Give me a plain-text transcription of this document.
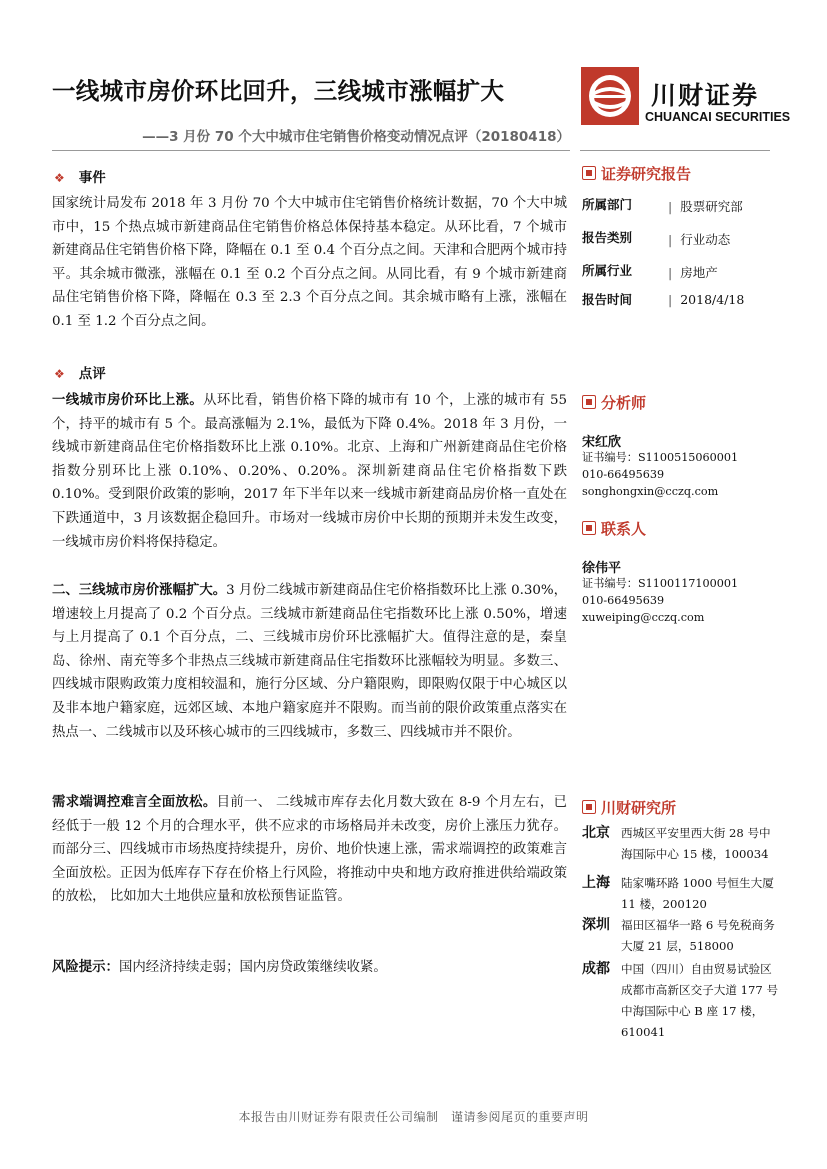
一线城市房价环比回升，三线城市涨幅扩大
——3 月份 70 个大中城市住宅销售价格变动情况点评（20180418）
川财证券
CHUANCAI SECURITIES
❖ 事件
国家统计局发布 2018 年 3 月份 70 个大中城市住宅销售价格统计数据，70 个大中城市中，15 个热点城市新建商品住宅销售价格总体保持基本稳定。从环比看，7 个城市新建商品住宅销售价格下降，降幅在 0.1 至 0.4 个百分点之间。天津和合肥两个城市持平。其余城市微涨，涨幅在 0.1 至 0.2 个百分点之间。从同比看，有 9 个城市新建商品住宅销售价格下降，降幅在 0.3 至 2.3 个百分点之间。其余城市略有上涨，涨幅在 0.1 至 1.2 个百分点之间。
❖ 点评
一线城市房价环比上涨。从环比看，销售价格下降的城市有 10 个，上涨的城市有 55 个，持平的城市有 5 个。最高涨幅为 2.1%，最低为下降 0.4%。2018 年 3 月份，一线城市新建商品住宅价格指数环比上涨 0.10%。北京、上海和广州新建商品住宅价格指数分别环比上涨 0.10%、0.20%、0.20%。深圳新建商品住宅价格指数下跌 0.10%。受到限价政策的影响，2017 年下半年以来一线城市新建商品房价格一直处在下跌通道中，3 月该数据企稳回升。市场对一线城市房价中长期的预期并未发生改变，一线城市房价料将保持稳定。
二、三线城市房价涨幅扩大。3 月份二线城市新建商品住宅价格指数环比上涨 0.30%，增速较上月提高了 0.2 个百分点。三线城市新建商品住宅指数环比上涨 0.50%，增速与上月提高了 0.1 个百分点，二、三线城市房价环比涨幅扩大。值得注意的是，秦皇岛、徐州、南充等多个非热点三线城市新建商品住宅指数环比涨幅较为明显。多数三、四线城市限购政策力度相较温和，施行分区域、分户籍限购，即限购仅限于中心城区以及非本地户籍家庭，远郊区域、本地户籍家庭并不限购。而当前的限价政策重点落实在热点一、二线城市以及环核心城市的三四线城市，多数三、四线城市并不限价。
需求端调控难言全面放松。目前一、 二线城市库存去化月数大致在 8-9 个月左右，已经低于一般 12 个月的合理水平，供不应求的市场格局并未改变，房价上涨压力犹存。而部分三、四线城市市场热度持续提升，房价、地价快速上涨，需求端调控的政策难言全面放松。正因为低库存下存在价格上行风险，将推动中央和地方政府推进供给端政策的放松， 比如加大土地供应量和放松预售证监管。
风险提示：国内经济持续走弱；国内房贷政策继续收紧。
证券研究报告
所属部门	| 股票研究部
报告类别	| 行业动态
所属行业	| 房地产
报告时间	| 2018/4/18
分析师
宋红欣
证书编号：S1100515060001
010-66495639
songhongxin@cczq.com
联系人
徐伟平
证书编号：S1100117100001
010-66495639
xuweiping@cczq.com
川财研究所
北京 西城区平安里西大街 28 号中海国际中心 15 楼，100034
上海 陆家嘴环路 1000 号恒生大厦 11 楼，200120
深圳 福田区福华一路 6 号免税商务大厦 21 层，518000
成都 中国（四川）自由贸易试验区成都市高新区交子大道 177 号中海国际中心 B 座 17 楼，610041
本报告由川财证券有限责任公司编制　谨请参阅尾页的重要声明
